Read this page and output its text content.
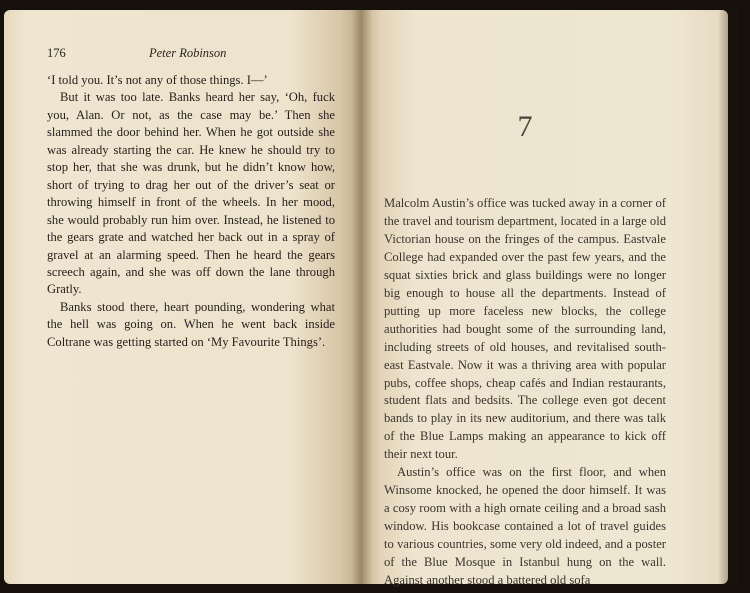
176	Peter Robinson

‘I told you. It’s not any of those things. I—’

But it was too late. Banks heard her say, ‘Oh, fuck you, Alan. Or not, as the case may be.’ Then she slammed the door behind her. When he got outside she was already starting the car. He knew he should try to stop her, that she was drunk, but he didn’t know how, short of trying to drag her out of the driver’s seat or throwing himself in front of the wheels. In her mood, she would probably run him over. Instead, he listened to the gears grate and watched her back out in a spray of gravel at an alarming speed. Then he heard the gears screech again, and she was off down the lane through Gratly.

Banks stood there, heart pounding, wondering what the hell was going on. When he went back inside Coltrane was getting started on ‘My Favourite Things’.

7

Malcolm Austin’s office was tucked away in a corner of the travel and tourism department, located in a large old Victorian house on the fringes of the campus. Eastvale College had expanded over the past few years, and the squat sixties brick and glass buildings were no longer big enough to house all the departments. Instead of putting up more faceless new blocks, the college authorities had bought some of the surrounding land, including streets of old houses, and revitalised south-east Eastvale. Now it was a thriving area with popular pubs, coffee shops, cheap cafés and Indian restaurants, student flats and bedsits. The college even got decent bands to play in its new auditorium, and there was talk of the Blue Lamps making an appearance to kick off their next tour.

Austin’s office was on the first floor, and when Winsome knocked, he opened the door himself. It was a cosy room with a high ornate ceiling and a broad sash window. His bookcase contained a lot of travel guides to various countries, some very old indeed, and a poster of the Blue Mosque in Istanbul hung on the wall. Against another stood a battered old sofa
